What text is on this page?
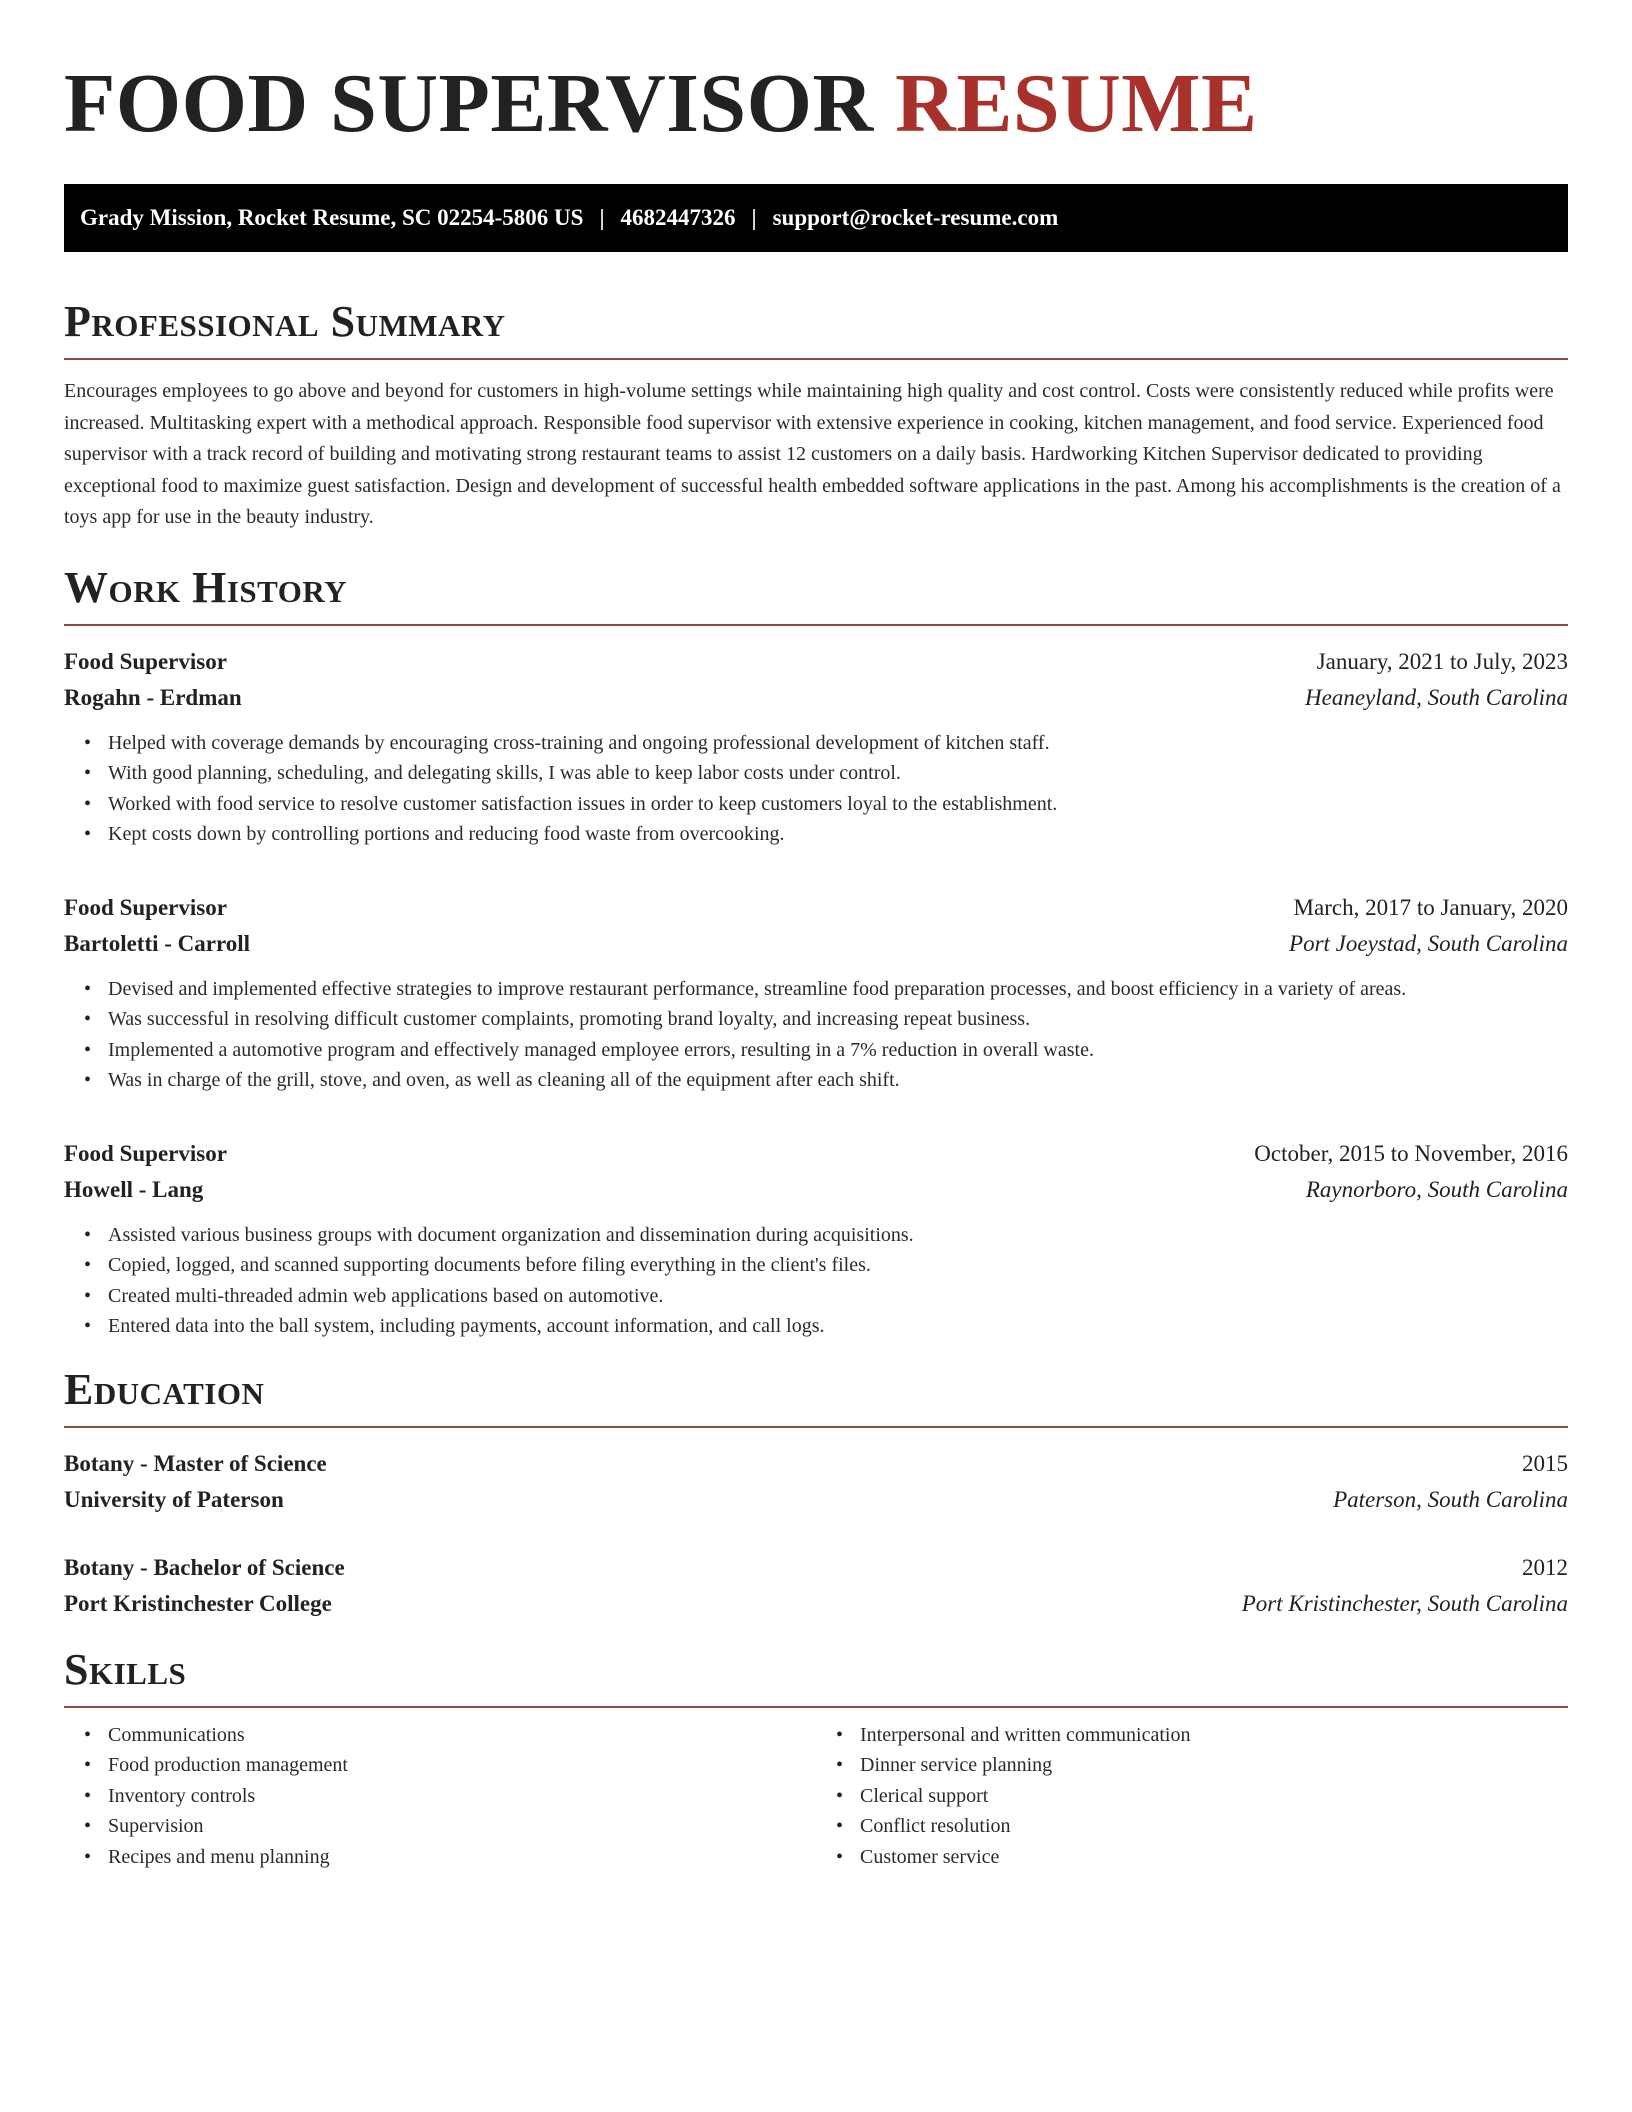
FOOD SUPERVISOR RESUME
Grady Mission, Rocket Resume, SC 02254-5806 US | 4682447326 | support@rocket-resume.com
Professional Summary

Encourages employees to go above and beyond for customers in high-volume settings while maintaining high quality and cost control. Costs were consistently reduced while profits were increased. Multitasking expert with a methodical approach. Responsible food supervisor with extensive experience in cooking, kitchen management, and food service. Experienced food supervisor with a track record of building and motivating strong restaurant teams to assist 12 customers on a daily basis. Hardworking Kitchen Supervisor dedicated to providing exceptional food to maximize guest satisfaction. Design and development of successful health embedded software applications in the past. Among his accomplishments is the creation of a toys app for use in the beauty industry.

Work History
Food Supervisor	January, 2021 to July, 2023
Rogahn - Erdman	Heaneyland, South Carolina
• Helped with coverage demands by encouraging cross-training and ongoing professional development of kitchen staff.
• With good planning, scheduling, and delegating skills, I was able to keep labor costs under control.
• Worked with food service to resolve customer satisfaction issues in order to keep customers loyal to the establishment.
• Kept costs down by controlling portions and reducing food waste from overcooking.
Food Supervisor	March, 2017 to January, 2020
Bartoletti - Carroll	Port Joeystad, South Carolina
• Devised and implemented effective strategies to improve restaurant performance, streamline food preparation processes, and boost efficiency in a variety of areas.
• Was successful in resolving difficult customer complaints, promoting brand loyalty, and increasing repeat business.
• Implemented a automotive program and effectively managed employee errors, resulting in a 7% reduction in overall waste.
• Was in charge of the grill, stove, and oven, as well as cleaning all of the equipment after each shift.
Food Supervisor	October, 2015 to November, 2016
Howell - Lang	Raynorboro, South Carolina
• Assisted various business groups with document organization and dissemination during acquisitions.
• Copied, logged, and scanned supporting documents before filing everything in the client's files.
• Created multi-threaded admin web applications based on automotive.
• Entered data into the ball system, including payments, account information, and call logs.
Education
Botany - Master of Science	2015
University of Paterson	Paterson, South Carolina
Botany - Bachelor of Science	2012
Port Kristinchester College	Port Kristinchester, South Carolina
Skills
• Communications
• Food production management
• Inventory controls
• Supervision
• Recipes and menu planning
• Interpersonal and written communication
• Dinner service planning
• Clerical support
• Conflict resolution
• Customer service
